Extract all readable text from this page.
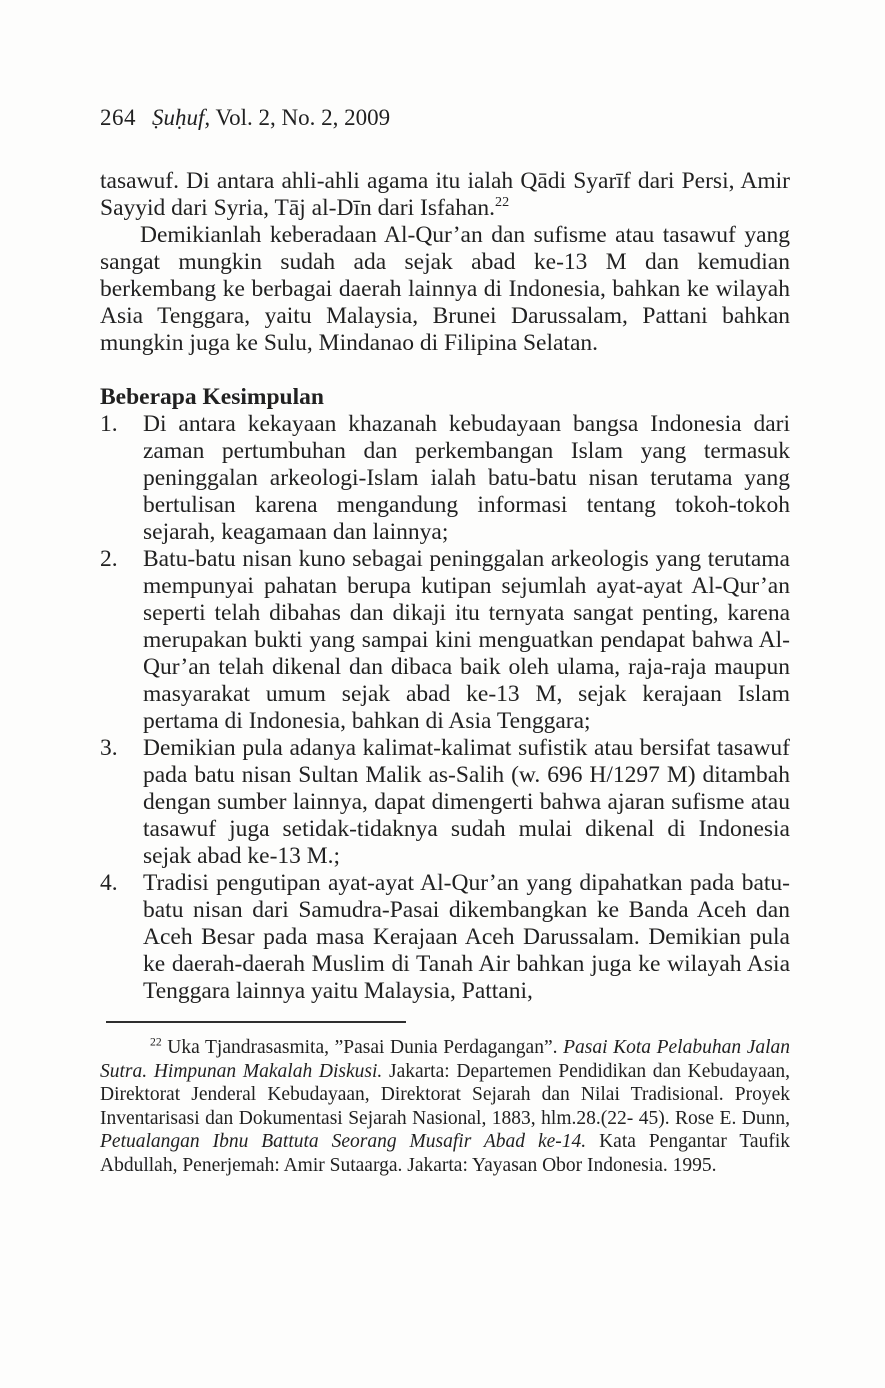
264 Ṣuḥuf, Vol. 2, No. 2, 2009

tasawuf. Di antara ahli-ahli agama itu ialah Qādi Syarīf dari Persi, Amir Sayyid dari Syria, Tāj al-Dīn dari Isfahan.$^{22}$

Demikianlah keberadaan Al-Qur’an dan sufisme atau tasawuf yang sangat mungkin sudah ada sejak abad ke-13 M dan kemudian berkembang ke berbagai daerah lainnya di Indonesia, bahkan ke wilayah Asia Tenggara, yaitu Malaysia, Brunei Darussalam, Pattani bahkan mungkin juga ke Sulu, Mindanao di Filipina Selatan.

Beberapa Kesimpulan
1.	Di antara kekayaan khazanah kebudayaan bangsa Indonesia dari zaman pertumbuhan dan perkembangan Islam yang termasuk peninggalan arkeologi-Islam ialah batu-batu nisan terutama yang bertulisan karena mengandung informasi tentang tokoh-tokoh sejarah, keagamaan dan lainnya;
2.	Batu-batu nisan kuno sebagai peninggalan arkeologis yang terutama mempunyai pahatan berupa kutipan sejumlah ayat-ayat Al-Qur’an seperti telah dibahas dan dikaji itu ternyata sangat penting, karena merupakan bukti yang sampai kini menguatkan pendapat bahwa Al-Qur’an telah dikenal dan dibaca baik oleh ulama, raja-raja maupun masyarakat umum sejak abad ke-13 M, sejak kerajaan Islam pertama di Indonesia, bahkan di Asia Tenggara;
3.	Demikian pula adanya kalimat-kalimat sufistik atau bersifat tasawuf pada batu nisan Sultan Malik as-Salih (w. 696 H/1297 M) ditambah dengan sumber lainnya, dapat dimengerti bahwa ajaran sufisme atau tasawuf juga setidak-tidaknya sudah mulai dikenal di Indonesia sejak abad ke-13 M.;
4.	Tradisi pengutipan ayat-ayat Al-Qur’an yang dipahatkan pada batu-batu nisan dari Samudra-Pasai dikembangkan ke Banda Aceh dan Aceh Besar pada masa Kerajaan Aceh Darussalam. Demikian pula ke daerah-daerah Muslim di Tanah Air bahkan juga ke wilayah Asia Tenggara lainnya yaitu Malaysia, Pattani,

$^{22}$ Uka Tjandrasasmita, ”Pasai Dunia Perdagangan”. Pasai Kota Pelabuhan Jalan Sutra. Himpunan Makalah Diskusi. Jakarta: Departemen Pendidikan dan Kebudayaan, Direktorat Jenderal Kebudayaan, Direktorat Sejarah dan Nilai Tradisional. Proyek Inventarisasi dan Dokumentasi Sejarah Nasional, 1883, hlm.28.(22- 45). Rose E. Dunn, Petualangan Ibnu Battuta Seorang Musafir Abad ke-14. Kata Pengantar Taufik Abdullah, Penerjemah: Amir Sutaarga. Jakarta: Yayasan Obor Indonesia. 1995.
